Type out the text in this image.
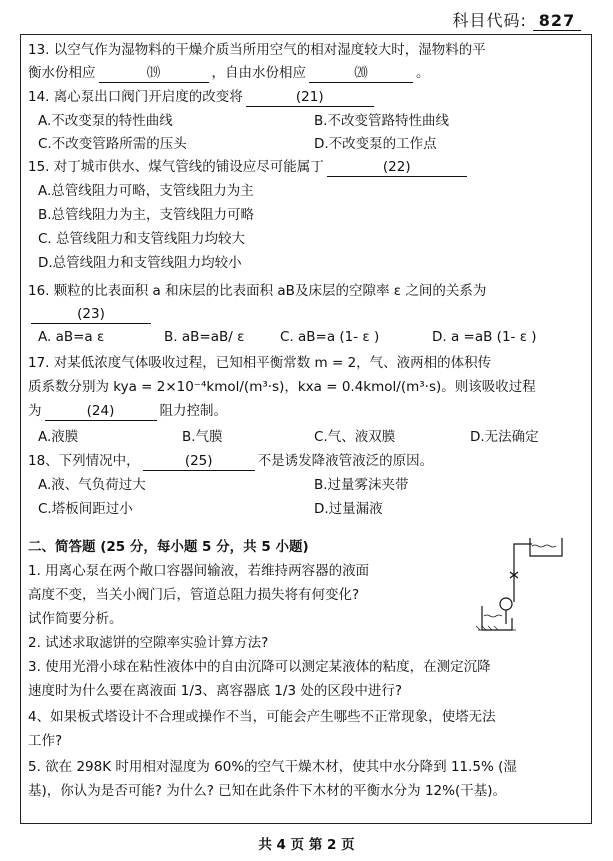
科目代码: 827
13. 以空气作为湿物料的干燥介质当所用空气的相对湿度较大时，湿物料的平
衡水份相应	⒆	，自由水份相应	⒇	。
14. 离心泵出口阀门开启度的改变将	(21)
A.不改变泵的特性曲线	B.不改变管路特性曲线
C.不改变管路所需的压头	D.不改变泵的工作点
15. 对丁城市供水、煤气管线的铺设应尽可能属丁	(22)
A.总管线阻力可略，支管线阻力为主
B.总管线阻力为主，支管线阻力可略
C. 总管线阻力和支管线阻力均较大
D.总管线阻力和支管线阻力均较小
16. 颗粒的比表面积 a 和床层的比表面积 aB及床层的空隙率 ε 之间的关系为
(23)
A. aB=a ε	B. aB=aB/ ε	C. aB=a (1- ε )	D. a =aB (1- ε )
17. 对某低浓度气体吸收过程，已知相平衡常数 m = 2，气、液两相的体积传
质系数分别为 kya = 2×10⁻⁴kmol/(m³·s)，kxa = 0.4kmol/(m³·s)。则该吸收过程
为	(24)	阻力控制。
A.液膜	B.气膜	C.气、液双膜	D.无法确定
18、下列情况中，	(25)	不是诱发降液管液泛的原因。
A.液、气负荷过大	B.过量雾沫夹带
C.塔板间距过小	D.过量漏液
二、简答题 (25 分，每小题 5 分，共 5 小题)
1. 用离心泵在两个敞口容器间输液，若维持两容器的液面
高度不变，当关小阀门后，管道总阻力损失将有何变化?
试作简要分析。
2. 试述求取滤饼的空隙率实验计算方法?
3. 使用光滑小球在粘性液体中的自由沉降可以测定某液体的粘度，在测定沉降
速度时为什么要在离液面 1/3、离容器底 1/3 处的区段中进行?
4、如果板式塔设计不合理或操作不当，可能会产生哪些不正常现象，使塔无法
工作?
5. 欲在 298K 时用相对湿度为 60%的空气干燥木材，使其中水分降到 11.5% (湿
基)，你认为是否可能? 为什么? 已知在此条件下木材的平衡水分为 12%(干基)。
共 4 页 第 2 页
